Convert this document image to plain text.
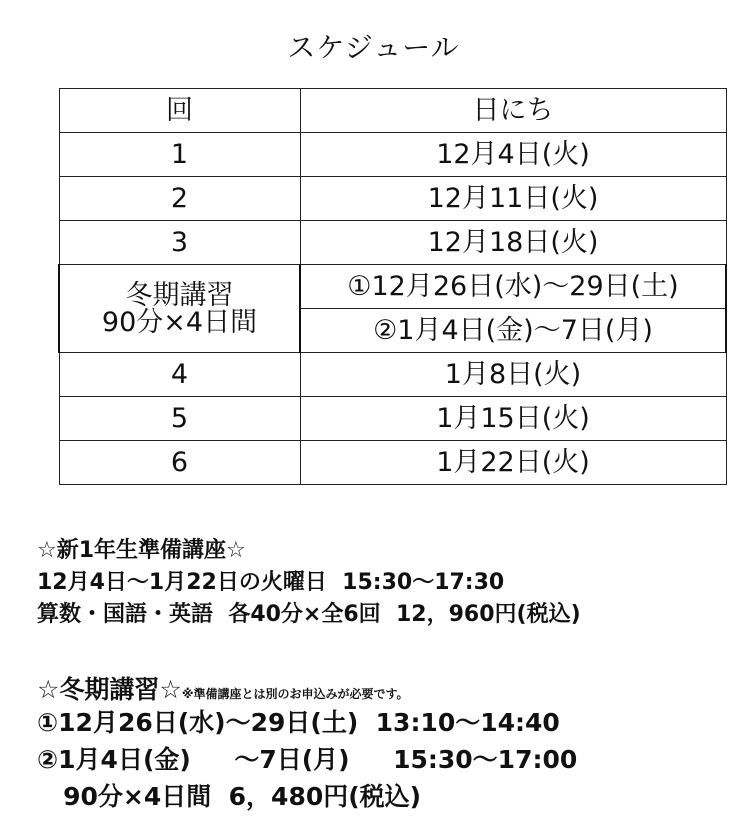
スケジュール
回	日にち
1	12月4日(火)
2	12月11日(火)
3	12月18日(火)

冬期講習
90分×4日間	①12月26日(水)～29日(土)
	②1月4日(金)～7日(月)
4	1月8日(火)
5	1月15日(火)
6	1月22日(火)
☆新1年生準備講座☆
12月4日～1月22日の火曜日  15:30～17:30
算数・国語・英語  各40分×全6回  12，960円(税込)
☆冬期講習☆※準備講座とは別のお申込みが必要です。
①12月26日(水)～29日(土)  13:10～14:40
②1月4日(金)     ～7日(月)     15:30～17:00
90分×4日間  6，480円(税込)
